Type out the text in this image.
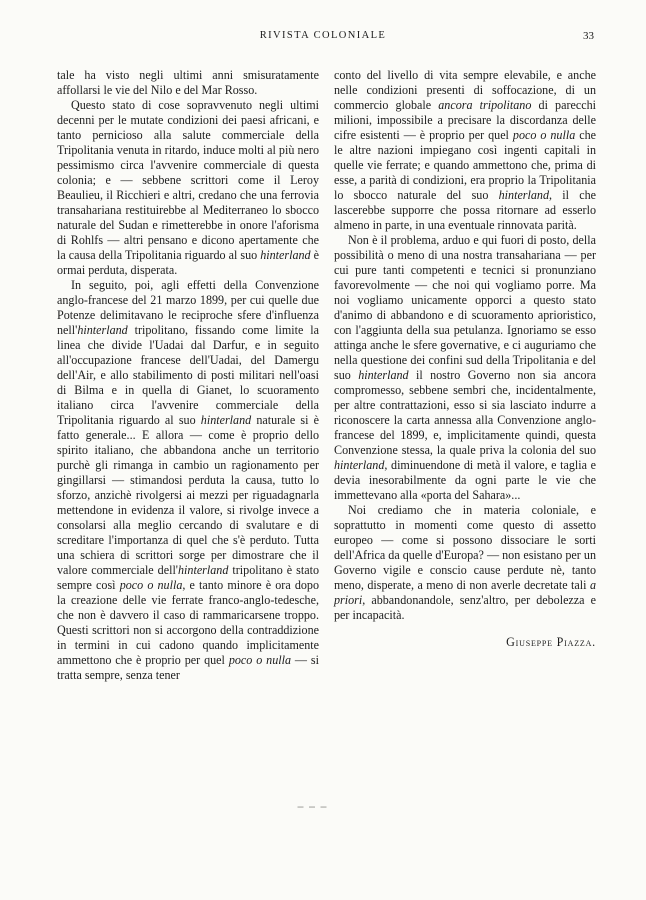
RIVISTA COLONIALE	33

tale ha visto negli ultimi anni smisuratamente affollarsi le vie del Nilo e del Mar Rosso.

Questo stato di cose sopravvenuto negli ultimi decenni per le mutate condizioni dei paesi africani, e tanto pernicioso alla salute commerciale della Tripolitania venuta in ritardo, induce molti al più nero pessimismo circa l'avvenire commerciale di questa colonia; e — sebbene scrittori come il Leroy Beaulieu, il Ricchieri e altri, credano che una ferrovia transahariana restituirebbe al Mediterraneo lo sbocco naturale del Sudan e rimetterebbe in onore l'aforisma di Rohlfs — altri pensano e dicono apertamente che la causa della Tripolitania riguardo al suo hinterland è ormai perduta, disperata.

In seguito, poi, agli effetti della Convenzione anglo-francese del 21 marzo 1899, per cui quelle due Potenze delimitavano le reciproche sfere d'influenza nell'hinterland tripolitano, fissando come limite la linea che divide l'Uadai dal Darfur, e in seguito all'occupazione francese dell'Uadai, del Damergu dell'Air, e allo stabilimento di posti militari nell'oasi di Bilma e in quella di Gianet, lo scuoramento italiano circa l'avvenire commerciale della Tripolitania riguardo al suo hinterland naturale si è fatto generale... E allora — come è proprio dello spirito italiano, che abbandona anche un territorio purchè gli rimanga in cambio un ragionamento per gingillarsi — stimandosi perduta la causa, tutto lo sforzo, anzichè rivolgersi ai mezzi per riguadagnarla mettendone in evidenza il valore, si rivolge invece a consolarsi alla meglio cercando di svalutare e di screditare l'importanza di quel che s'è perduto. Tutta una schiera di scrittori sorge per dimostrare che il valore commerciale dell'hinterland tripolitano è stato sempre così poco o nulla, e tanto minore è ora dopo la creazione delle vie ferrate franco-anglo-tedesche, che non è davvero il caso di rammaricarsene troppo. Questi scrittori non si accorgono della contraddizione in termini in cui cadono quando implicitamente ammettono che è proprio per quel poco o nulla — si tratta sempre, senza tener

conto del livello di vita sempre elevabile, e anche nelle condizioni presenti di soffocazione, di un commercio globale ancora tripolitano di parecchi milioni, impossibile a precisare la discordanza delle cifre esistenti — è proprio per quel poco o nulla che le altre nazioni impiegano così ingenti capitali in quelle vie ferrate; e quando ammettono che, prima di esse, a parità di condizioni, era proprio la Tripolitania lo sbocco naturale del suo hinterland, il che lascerebbe supporre che possa ritornare ad esserlo almeno in parte, in una eventuale rinnovata parità.

Non è il problema, arduo e qui fuori di posto, della possibilità o meno di una nostra transahariana — per cui pure tanti competenti e tecnici si pronunziano favorevolmente — che noi qui vogliamo porre. Ma noi vogliamo unicamente opporci a questo stato d'animo di abbandono e di scuoramento aprioristico, con l'aggiunta della sua petulanza. Ignoriamo se esso attinga anche le sfere governative, e ci auguriamo che nella questione dei confini sud della Tripolitania e del suo hinterland il nostro Governo non sia ancora compromesso, sebbene sembri che, incidentalmente, per altre contrattazioni, esso si sia lasciato indurre a riconoscere la carta annessa alla Convenzione anglo-francese del 1899, e, implicitamente quindi, questa Convenzione stessa, la quale priva la colonia del suo hinterland, diminuendone di metà il valore, e taglia e devia inesorabilmente da ogni parte le vie che immettevano alla «porta del Sahara»...

Noi crediamo che in materia coloniale, e soprattutto in momenti come questo di assetto europeo — come si possono dissociare le sorti dell'Africa da quelle d'Europa? — non esistano per un Governo vigile e conscio cause perdute nè, tanto meno, disperate, a meno di non averle decretate tali a priori, abbandonandole, senz'altro, per debolezza e per incapacità.

Giuseppe Piazza.

▬ ▬ ▬
